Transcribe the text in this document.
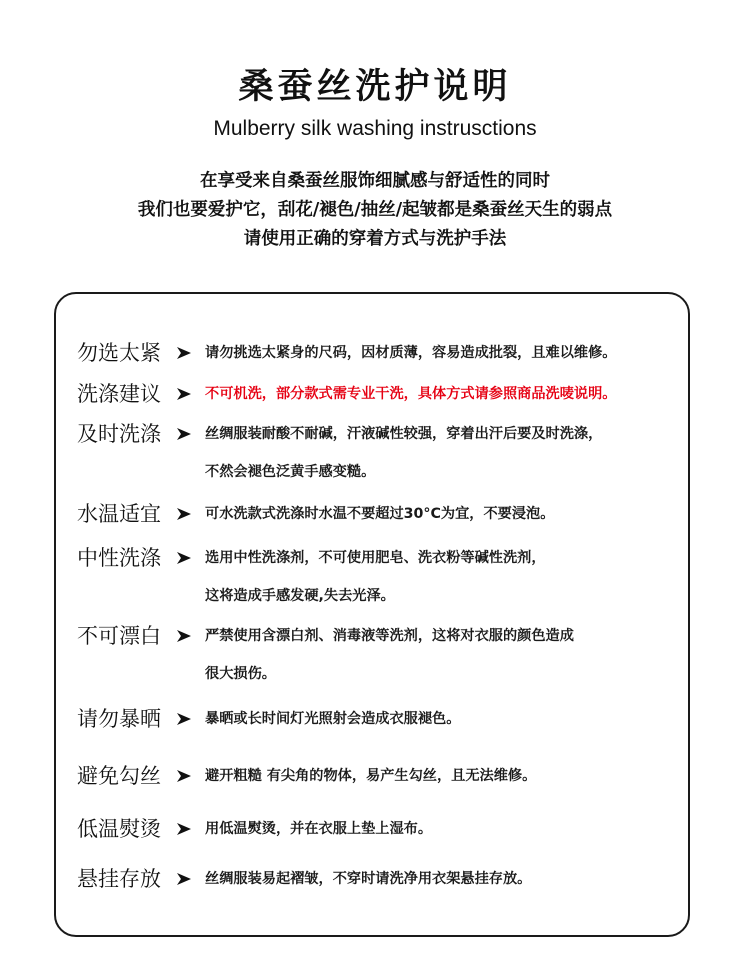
桑蚕丝洗护说明
Mulberry silk washing instrusctions
在享受来自桑蚕丝服饰细腻感与舒适性的同时
我们也要爱护它，刮花/褪色/抽丝/起皱都是桑蚕丝天生的弱点
请使用正确的穿着方式与洗护手法
勿选太紧	请勿挑选太紧身的尺码，因材质薄，容易造成批裂，且难以维修。
洗涤建议	不可机洗，部分款式需专业干洗，具体方式请参照商品洗唛说明。
及时洗涤	丝绸服装耐酸不耐碱，汗液碱性较强，穿着出汗后要及时洗涤，
不然会褪色泛黄手感变糙。
水温适宜	可水洗款式洗涤时水温不要超过30°C为宜，不要浸泡。
中性洗涤	选用中性洗涤剂，不可使用肥皂、洗衣粉等碱性洗剂，
这将造成手感发硬,失去光泽。
不可漂白	严禁使用含漂白剂、消毒液等洗剂，这将对衣服的颜色造成
很大损伤。
请勿暴晒	暴晒或长时间灯光照射会造成衣服褪色。
避免勾丝	避开粗糙 有尖角的物体，易产生勾丝，且无法维修。
低温熨烫	用低温熨烫，并在衣服上垫上湿布。
悬挂存放	丝绸服装易起褶皱，不穿时请洗净用衣架悬挂存放。
